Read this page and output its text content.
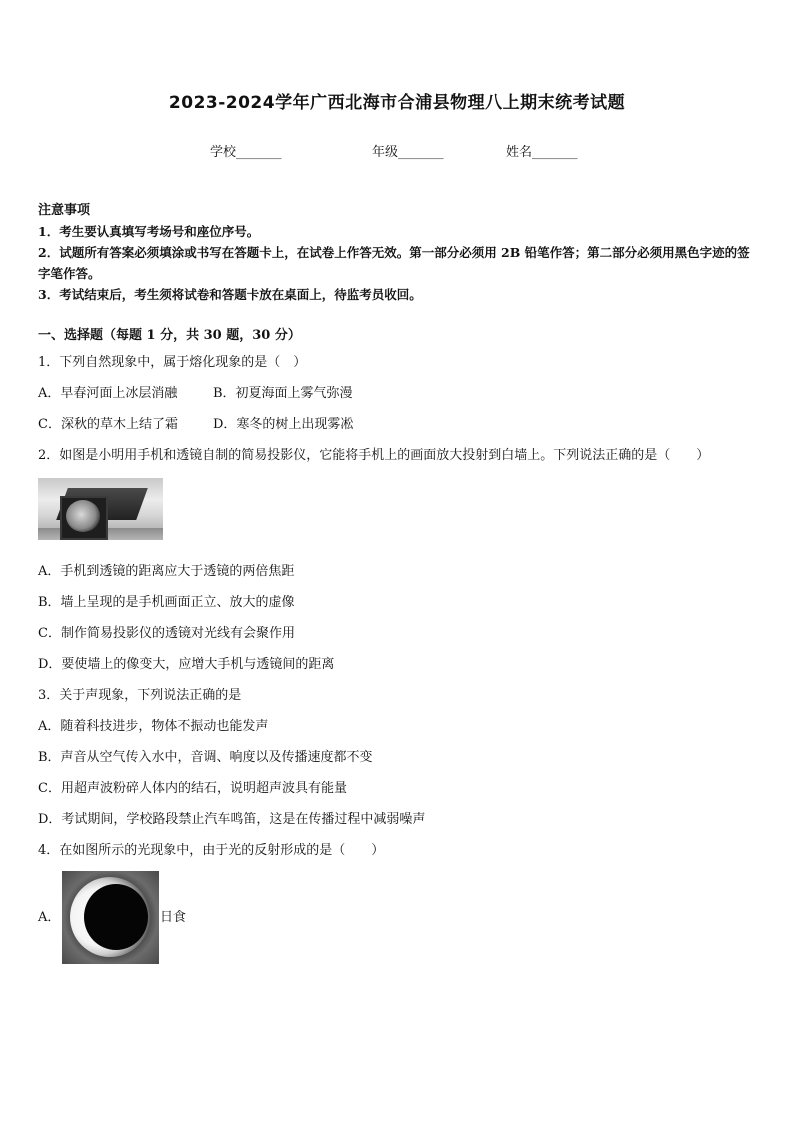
2023-2024学年广西北海市合浦县物理八上期末统考试题
学校_______	年级_______	姓名_______
注意事项
1．考生要认真填写考场号和座位序号。
2．试题所有答案必须填涂或书写在答题卡上，在试卷上作答无效。第一部分必须用 2B 铅笔作答；第二部分必须用黑色字迹的签字笔作答。
3．考试结束后，考生须将试卷和答题卡放在桌面上，待监考员收回。
一、选择题（每题 1 分，共 30 题，30 分）
1．下列自然现象中，属于熔化现象的是（　）
A．早春河面上冰层消融	B．初夏海面上雾气弥漫
C．深秋的草木上结了霜	D．寒冬的树上出现雾凇
2．如图是小明用手机和透镜自制的简易投影仪，它能将手机上的画面放大投射到白墙上。下列说法正确的是（　　）
A．手机到透镜的距离应大于透镜的两倍焦距
B．墙上呈现的是手机画面正立、放大的虚像
C．制作简易投影仪的透镜对光线有会聚作用
D．要使墙上的像变大，应增大手机与透镜间的距离
3．关于声现象，下列说法正确的是
A．随着科技进步，物体不振动也能发声
B．声音从空气传入水中，音调、响度以及传播速度都不变
C．用超声波粉碎人体内的结石，说明超声波具有能量
D．考试期间，学校路段禁止汽车鸣笛，这是在传播过程中减弱噪声
4．在如图所示的光现象中，由于光的反射形成的是（　　）
A．	日食
